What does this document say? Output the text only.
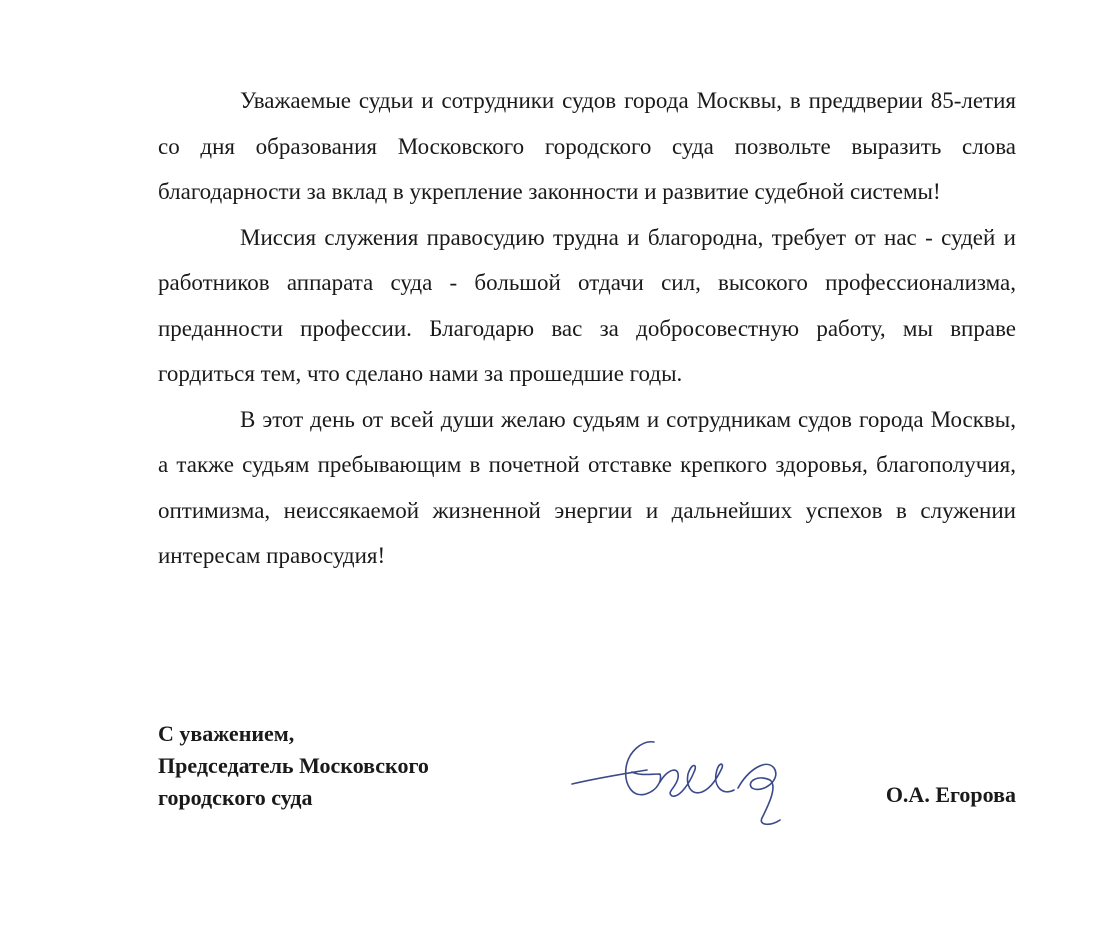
Уважаемые судьи и сотрудники судов города Москвы, в преддверии 85-летия со дня образования Московского городского суда позвольте выразить слова благодарности за вклад в укрепление законности и развитие судебной системы!

Миссия служения правосудию трудна и благородна, требует от нас - судей и работников аппарата суда - большой отдачи сил, высокого профессионализма, преданности профессии. Благодарю вас за добросовестную работу, мы вправе гордиться тем, что сделано нами за прошедшие годы.

В этот день от всей души желаю судьям и сотрудникам судов города Москвы, а также судьям пребывающим в почетной отставке крепкого здоровья, благополучия, оптимизма, неиссякаемой жизненной энергии и дальнейших успехов в служении интересам правосудия!

С уважением,
Председатель Московского
городского суда	О.А. Егорова
